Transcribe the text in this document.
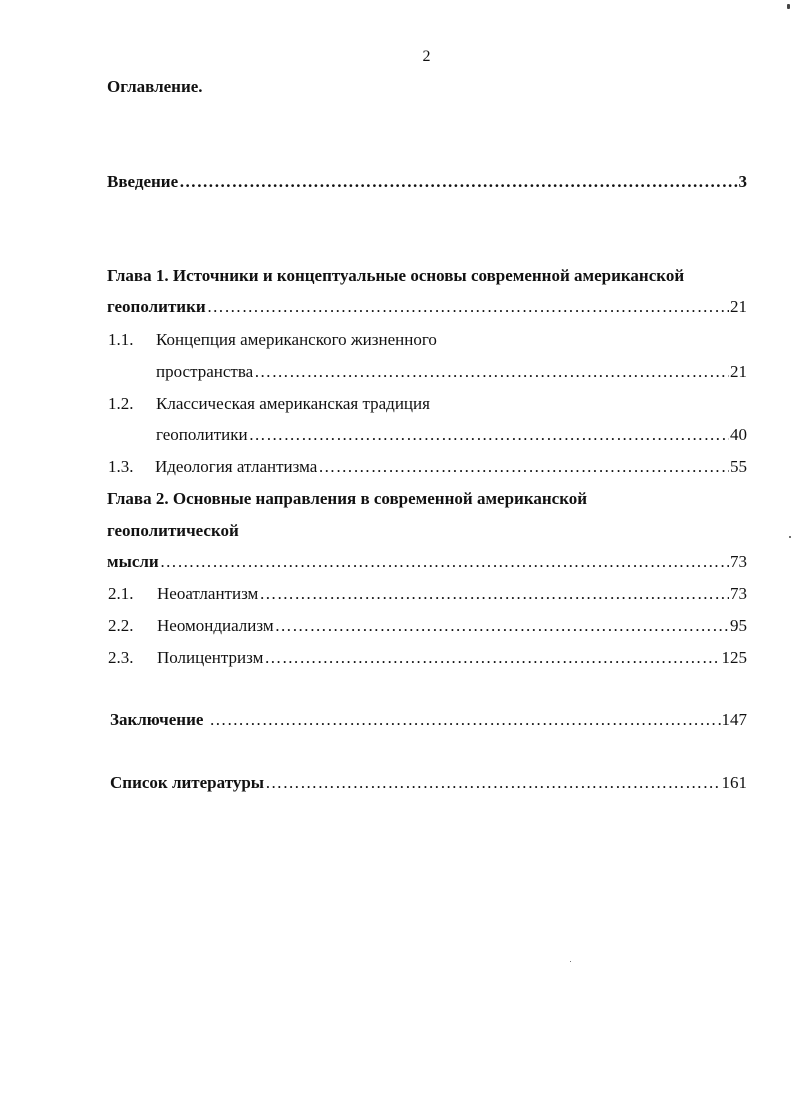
2
Оглавление.
Введение ……………………………………………………………………………………………………………………………………………………………………………	3
Глава 1. Источники и концептуальные основы современной американской
геополитики ……………………………………………………………………………………………………………………………………………………………………………	21
1.1. Концепция американского жизненного
пространства ……………………………………………………………………………………………………………………………………………………………………………	21
1.2. Классическая американская традиция
геополитики ……………………………………………………………………………………………………………………………………………………………………………	40
1.3. Идеология атлантизма ……………………………………………………………………………………………………………………………………………………………………………	55
Глава 2. Основные направления в современной американской
геополитической
мысли ……………………………………………………………………………………………………………………………………………………………………………	73
2.1. Неоатлантизм ……………………………………………………………………………………………………………………………………………………………………………	73
2.2. Неомондиализм ……………………………………………………………………………………………………………………………………………………………………………	95
2.3. Полицентризм ……………………………………………………………………………………………………………………………………………………………………………	125
Заключение ……………………………………………………………………………………………………………………………………………………………………………	147
Список литературы ……………………………………………………………………………………………………………………………………………………………………………	161
